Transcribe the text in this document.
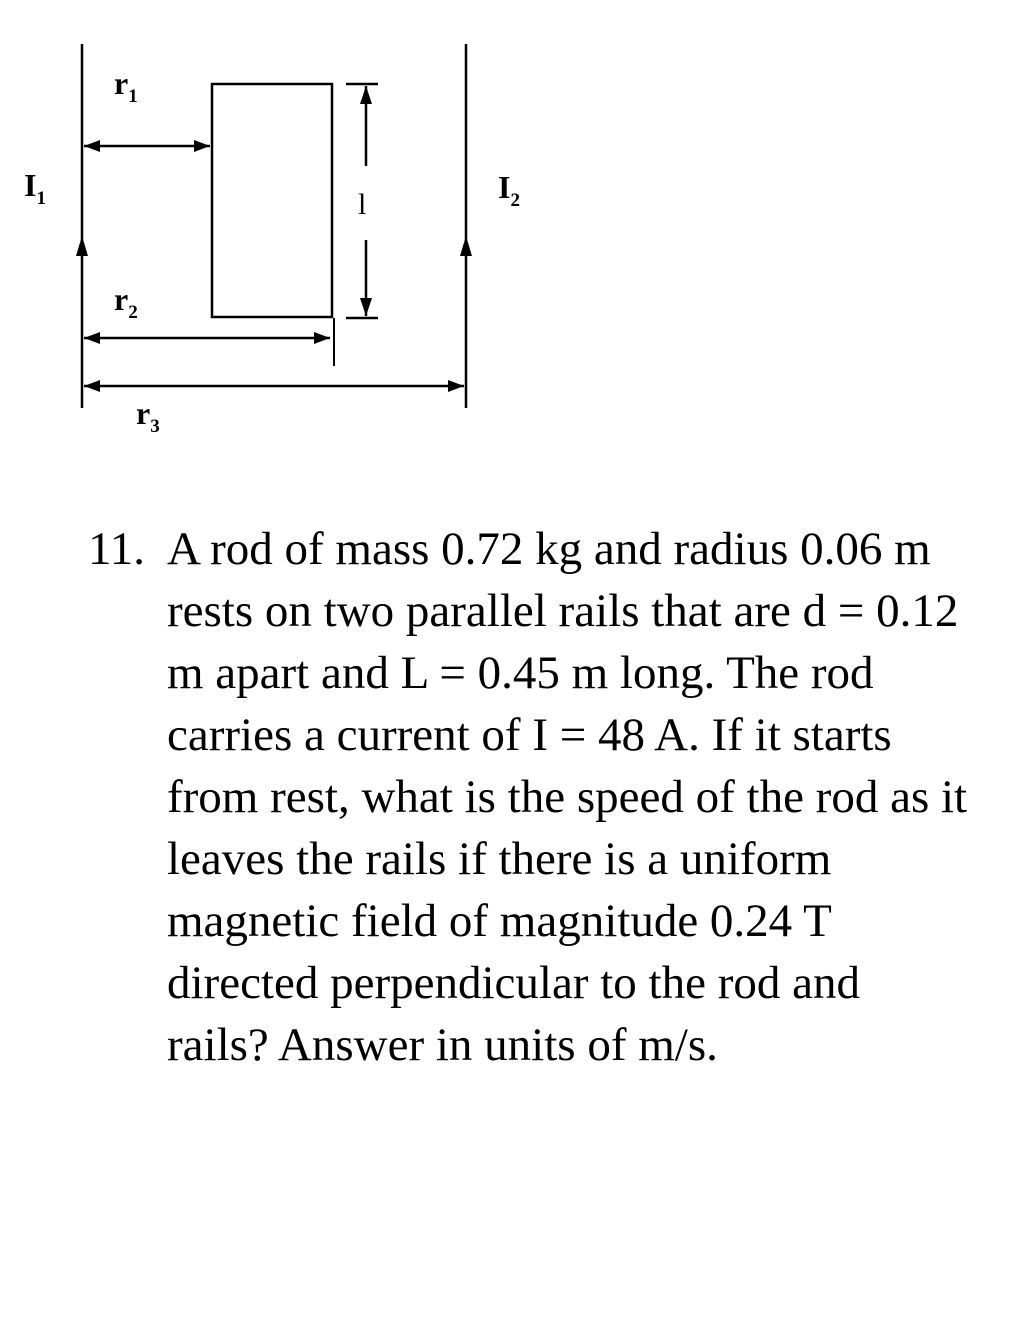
$I_1$	$I_2$
$r_1$
$r_2$
$r_3$
l
11. A rod of mass 0.72 kg and radius 0.06 m rests on two parallel rails that are d = 0.12 m apart and L = 0.45 m long. The rod carries a current of I = 48 A. If it starts from rest, what is the speed of the rod as it leaves the rails if there is a uniform magnetic field of magnitude 0.24 T directed perpendicular to the rod and rails? Answer in units of m/s.
